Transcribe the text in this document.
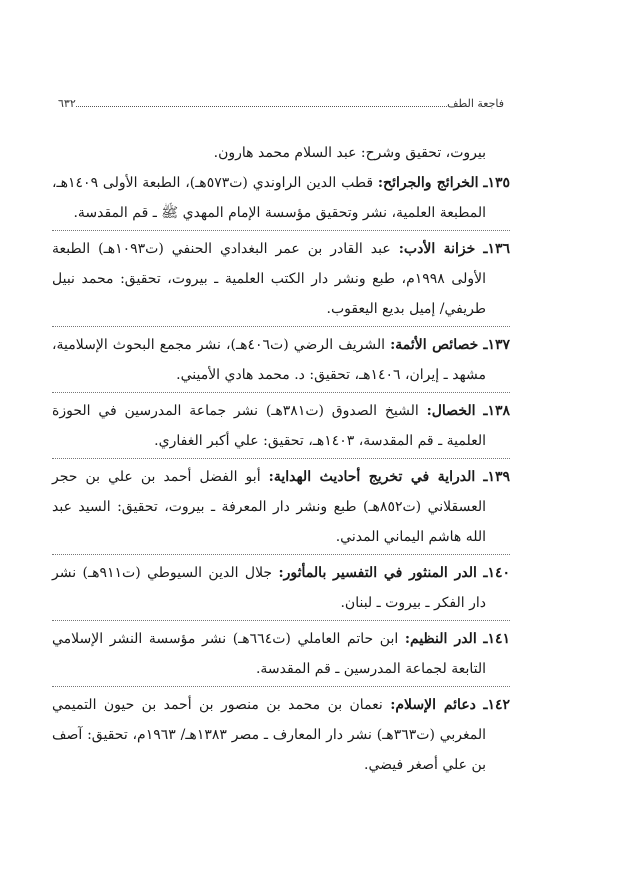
فاجعة الطف
٦٣٢

بيروت، تحقيق وشرح: عبد السلام محمد هارون.

١٣٥ـ الخرائج والجرائح: قطب الدين الراوندي (ت٥٧٣هـ)، الطبعة الأولى ١٤٠٩هـ، المطبعة العلمية، نشر وتحقيق مؤسسة الإمام المهدي ﷺ ـ قم المقدسة.

١٣٦ـ خزانة الأدب: عبد القادر بن عمر البغدادي الحنفي (ت١٠٩٣هـ) الطبعة الأولى ١٩٩٨م، طبع ونشر دار الكتب العلمية ـ بيروت، تحقيق: محمد نبيل طريفي/ إميل بديع اليعقوب.

١٣٧ـ خصائص الأئمة: الشريف الرضي (ت٤٠٦هـ)، نشر مجمع البحوث الإسلامية، مشهد ـ إيران، ١٤٠٦هـ، تحقيق: د. محمد هادي الأميني.

١٣٨ـ الخصال: الشيخ الصدوق (ت٣٨١هـ) نشر جماعة المدرسين في الحوزة العلمية ـ قم المقدسة، ١٤٠٣هـ، تحقيق: علي أكبر الغفاري.

١٣٩ـ الدراية في تخريج أحاديث الهداية: أبو الفضل أحمد بن علي بن حجر العسقلاني (ت٨٥٢هـ) طبع ونشر دار المعرفة ـ بيروت، تحقيق: السيد عبد الله هاشم اليماني المدني.

١٤٠ـ الدر المنثور في التفسير بالمأثور: جلال الدين السيوطي (ت٩١١هـ) نشر دار الفكر ـ بيروت ـ لبنان.

١٤١ـ الدر النظيم: ابن حاتم العاملي (ت٦٦٤هـ) نشر مؤسسة النشر الإسلامي التابعة لجماعة المدرسين ـ قم المقدسة.

١٤٢ـ دعائم الإسلام: نعمان بن محمد بن منصور بن أحمد بن حيون التميمي المغربي (ت٣٦٣هـ) نشر دار المعارف ـ مصر ١٣٨٣هـ/ ١٩٦٣م، تحقيق: آصف بن علي أصغر فيضي.
